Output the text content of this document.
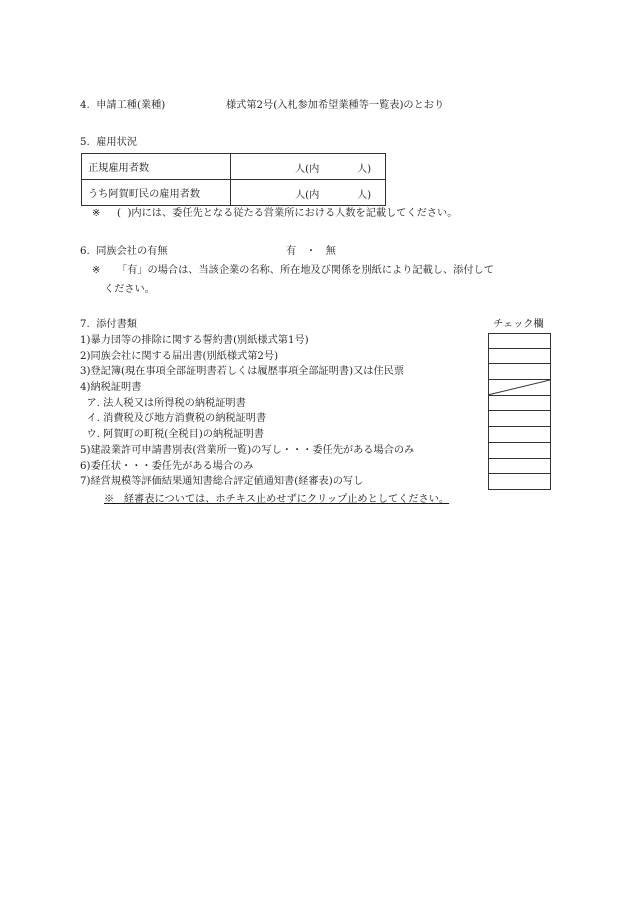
4.  申請工種(業種)	様式第2号(入札参加希望業種等一覧表)のとおり
5.  雇用状況
正規雇用者数	人(内 人)

うち阿賀町民の雇用者数	人(内 人)
※ (  )内には、委任先となる従たる営業所における人数を記載してください。
6.  同族会社の有無	有   ・   無
※ 「有」の場合は、当該企業の名称、所在地及び関係を別紙により記載し、添付して
ください。
7.  添付書類	チェック欄
1)暴力団等の排除に関する誓約書(別紙様式第1号)
2)同族会社に関する届出書(別紙様式第2号)
3)登記簿(現在事項全部証明書若しくは履歴事項全部証明書)又は住民票
4)納税証明書
ア. 法人税又は所得税の納税証明書
イ. 消費税及び地方消費税の納税証明書
ウ. 阿賀町の町税(全税目)の納税証明書
5)建設業許可申請書別表(営業所一覧)の写し・・・委任先がある場合のみ
6)委任状・・・委任先がある場合のみ
7)経営規模等評価結果通知書総合評定値通知書(経審表)の写し
※   経審表については、ホチキス止めせずにクリップ止めとしてください。
